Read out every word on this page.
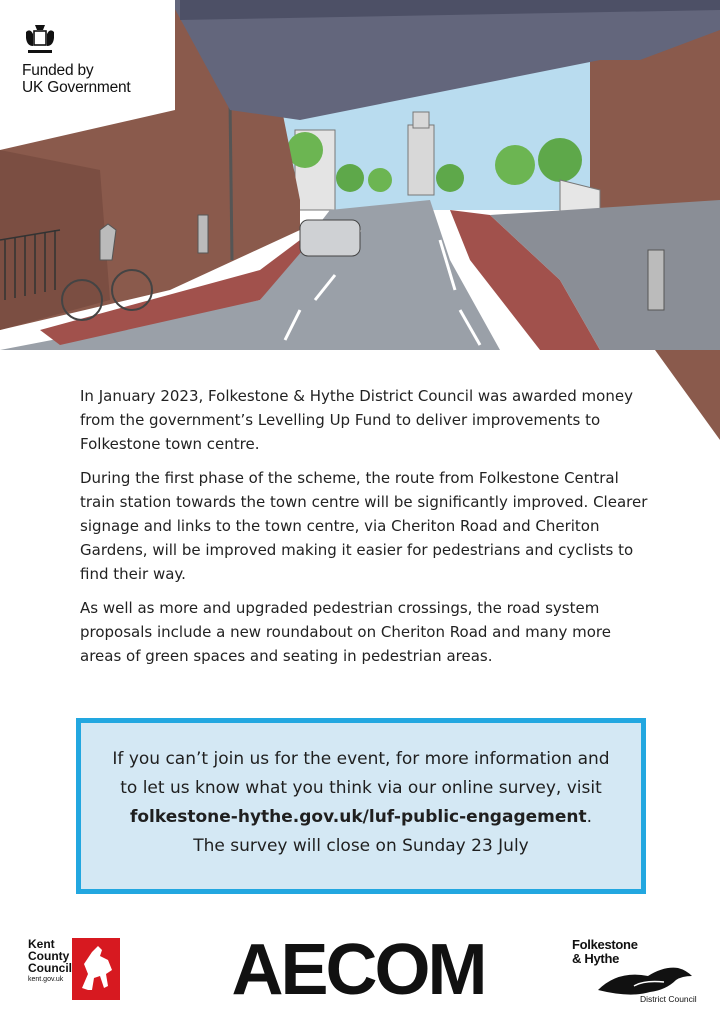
Funded by
UK Government

In January 2023, Folkestone & Hythe District Council was awarded money from the government’s Levelling Up Fund to deliver improvements to Folkestone town centre.

During the first phase of the scheme, the route from Folkestone Central train station towards the town centre will be significantly improved. Clearer signage and links to the town centre, via Cheriton Road and Cheriton Gardens, will be improved making it easier for pedestrians and cyclists to find their way.

As well as more and upgraded pedestrian crossings, the road system proposals include a new roundabout on Cheriton Road and many more areas of green spaces and seating in pedestrian areas.

If you can’t join us for the event, for more information and
to let us know what you think via our online survey, visit
folkestone-hythe.gov.uk/luf-public-engagement.
The survey will close on Sunday 23 July
Kent
County
Council
kent.gov.uk AECOM	Folkestone
& Hythe
District Council
